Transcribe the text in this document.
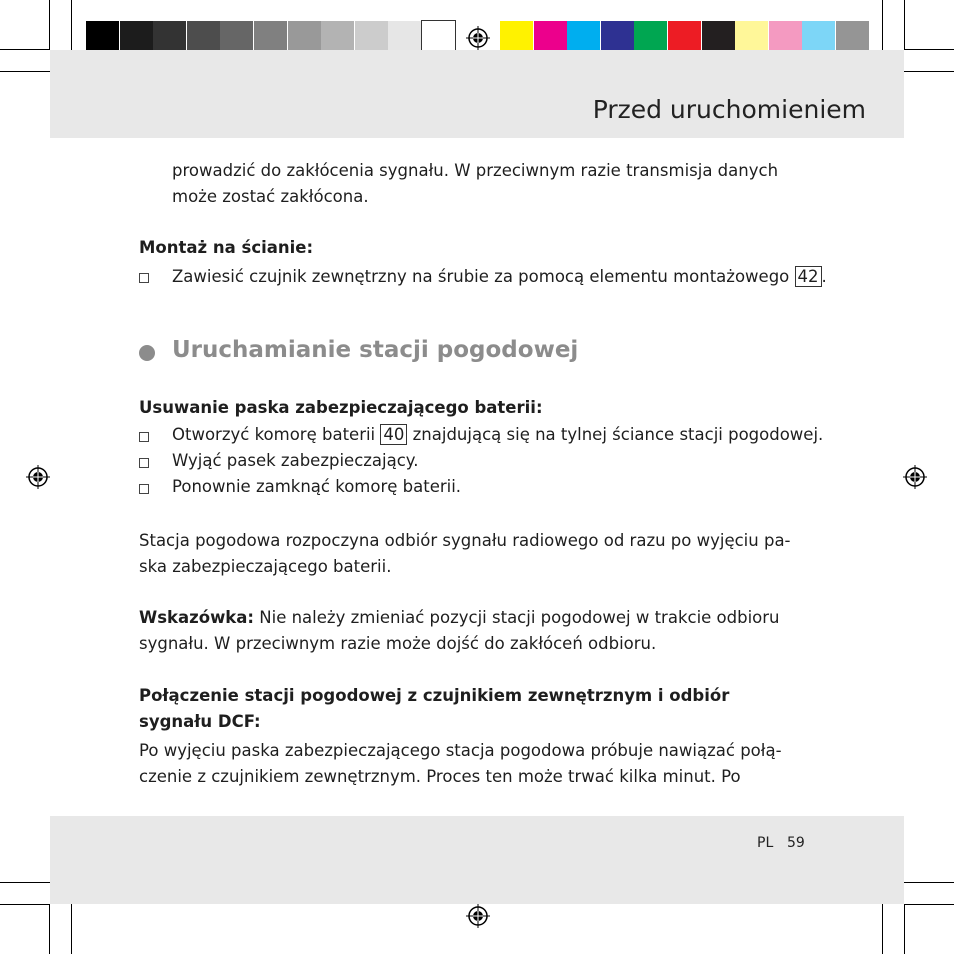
Przed uruchomieniem
prowadzić do zakłócenia sygnału. W przeciwnym razie transmisja danych
może zostać zakłócona.
Montaż na ścianie:
Zawiesić czujnik zewnętrzny na śrubie za pomocą elementu montażowego 42 .
Uruchamianie stacji pogodowej
Usuwanie paska zabezpieczającego baterii:
Otworzyć komorę baterii 40 znajdującą się na tylnej ściance stacji pogodowej.
Wyjąć pasek zabezpieczający.
Ponownie zamknąć komorę baterii.
Stacja pogodowa rozpoczyna odbiór sygnału radiowego od razu po wyjęciu pa-
ska zabezpieczającego baterii.
Wskazówka: Nie należy zmieniać pozycji stacji pogodowej w trakcie odbioru
sygnału. W przeciwnym razie może dojść do zakłóceń odbioru.
Połączenie stacji pogodowej z czujnikiem zewnętrznym i odbiór
sygnału DCF:
Po wyjęciu paska zabezpieczającego stacja pogodowa próbuje nawiązać połą-
czenie z czujnikiem zewnętrznym. Proces ten może trwać kilka minut. Po
PL 59
